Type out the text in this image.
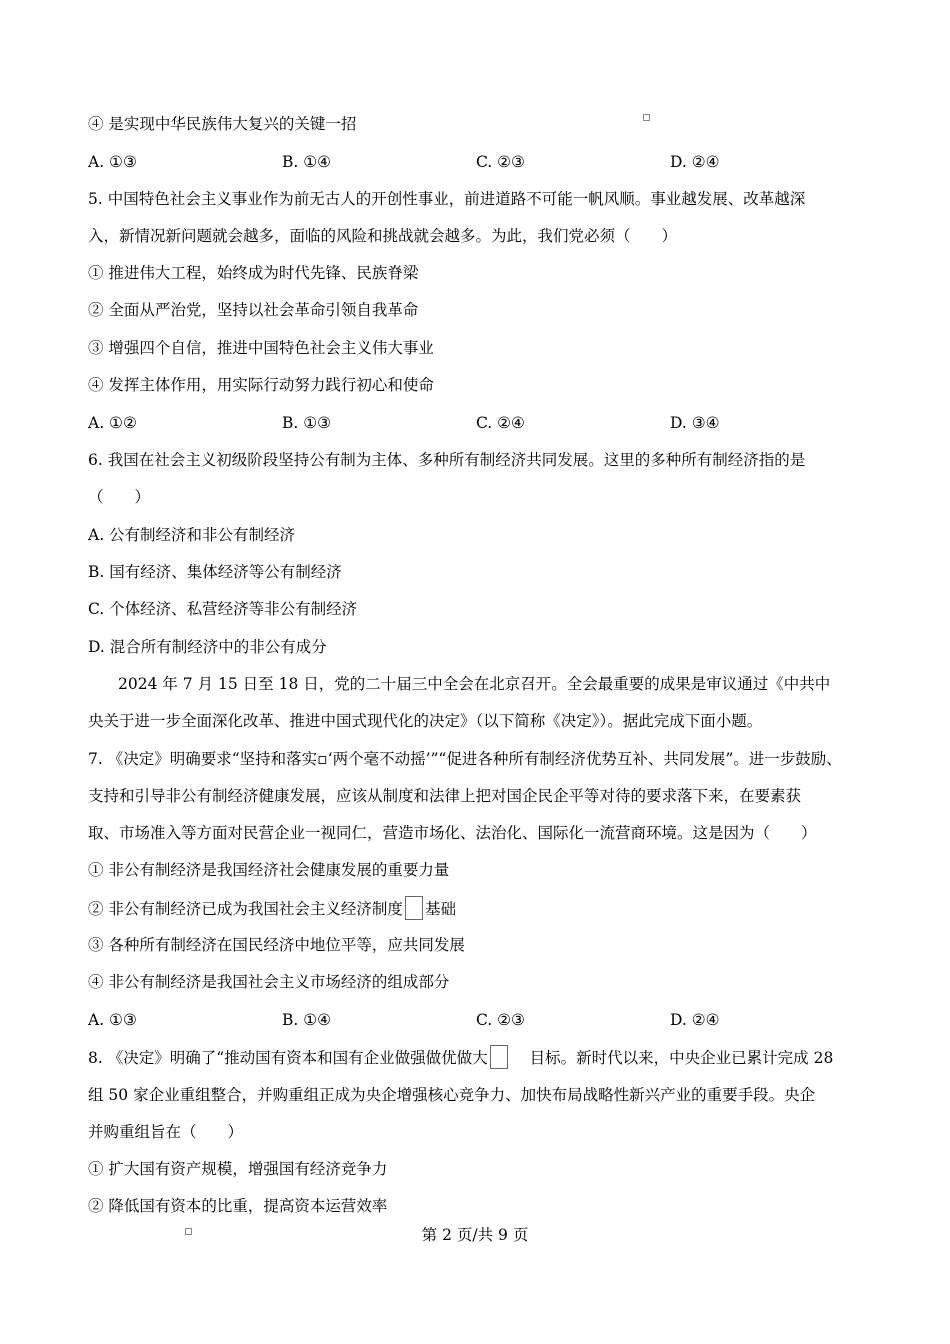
④ 是实现中华民族伟大复兴的关键一招
A. ①③	B. ①④	C. ②③	D. ②④
5. 中国特色社会主义事业作为前无古人的开创性事业，前进道路不可能一帆风顺。事业越发展、改革越深
入，新情况新问题就会越多，面临的风险和挑战就会越多。为此，我们党必须（　　）
① 推进伟大工程，始终成为时代先锋、民族脊梁
② 全面从严治党，坚持以社会革命引领自我革命
③ 增强四个自信，推进中国特色社会主义伟大事业
④ 发挥主体作用，用实际行动努力践行初心和使命
A. ①②	B. ①③	C. ②④	D. ③④
6. 我国在社会主义初级阶段坚持公有制为主体、多种所有制经济共同发展。这里的多种所有制经济指的是
（　　）
A. 公有制经济和非公有制经济
B. 国有经济、集体经济等公有制经济
C. 个体经济、私营经济等非公有制经济
D. 混合所有制经济中的非公有成分
2024 年 7 月 15 日至 18 日，党的二十届三中全会在北京召开。全会最重要的成果是审议通过《中共中
央关于进一步全面深化改革、推进中国式现代化的决定》（以下简称《决定》）。据此完成下面小题。
7. 《决定》明确要求“坚持和落实▫‘两个毫不动摇’”“促进各种所有制经济优势互补、共同发展”。进一步鼓励、
支持和引导非公有制经济健康发展，应该从制度和法律上把对国企民企平等对待的要求落下来，在要素获
取、市场准入等方面对民营企业一视同仁，营造市场化、法治化、国际化一流营商环境。这是因为（　　）
① 非公有制经济是我国经济社会健康发展的重要力量
② 非公有制经济已成为我国社会主义经济制度 基础
③ 各种所有制经济在国民经济中地位平等，应共同发展
④ 非公有制经济是我国社会主义市场经济的组成部分
A. ①③	B. ①④	C. ②③	D. ②④
8. 《决定》明确了“推动国有资本和国有企业做强做优做大	目标。新时代以来，中央企业已累计完成 28
组 50 家企业重组整合，并购重组正成为央企增强核心竞争力、加快布局战略性新兴产业的重要手段。央企
并购重组旨在（　　）
① 扩大国有资产规模，增强国有经济竞争力
② 降低国有资本的比重，提高资本运营效率
第 2 页/共 9 页
